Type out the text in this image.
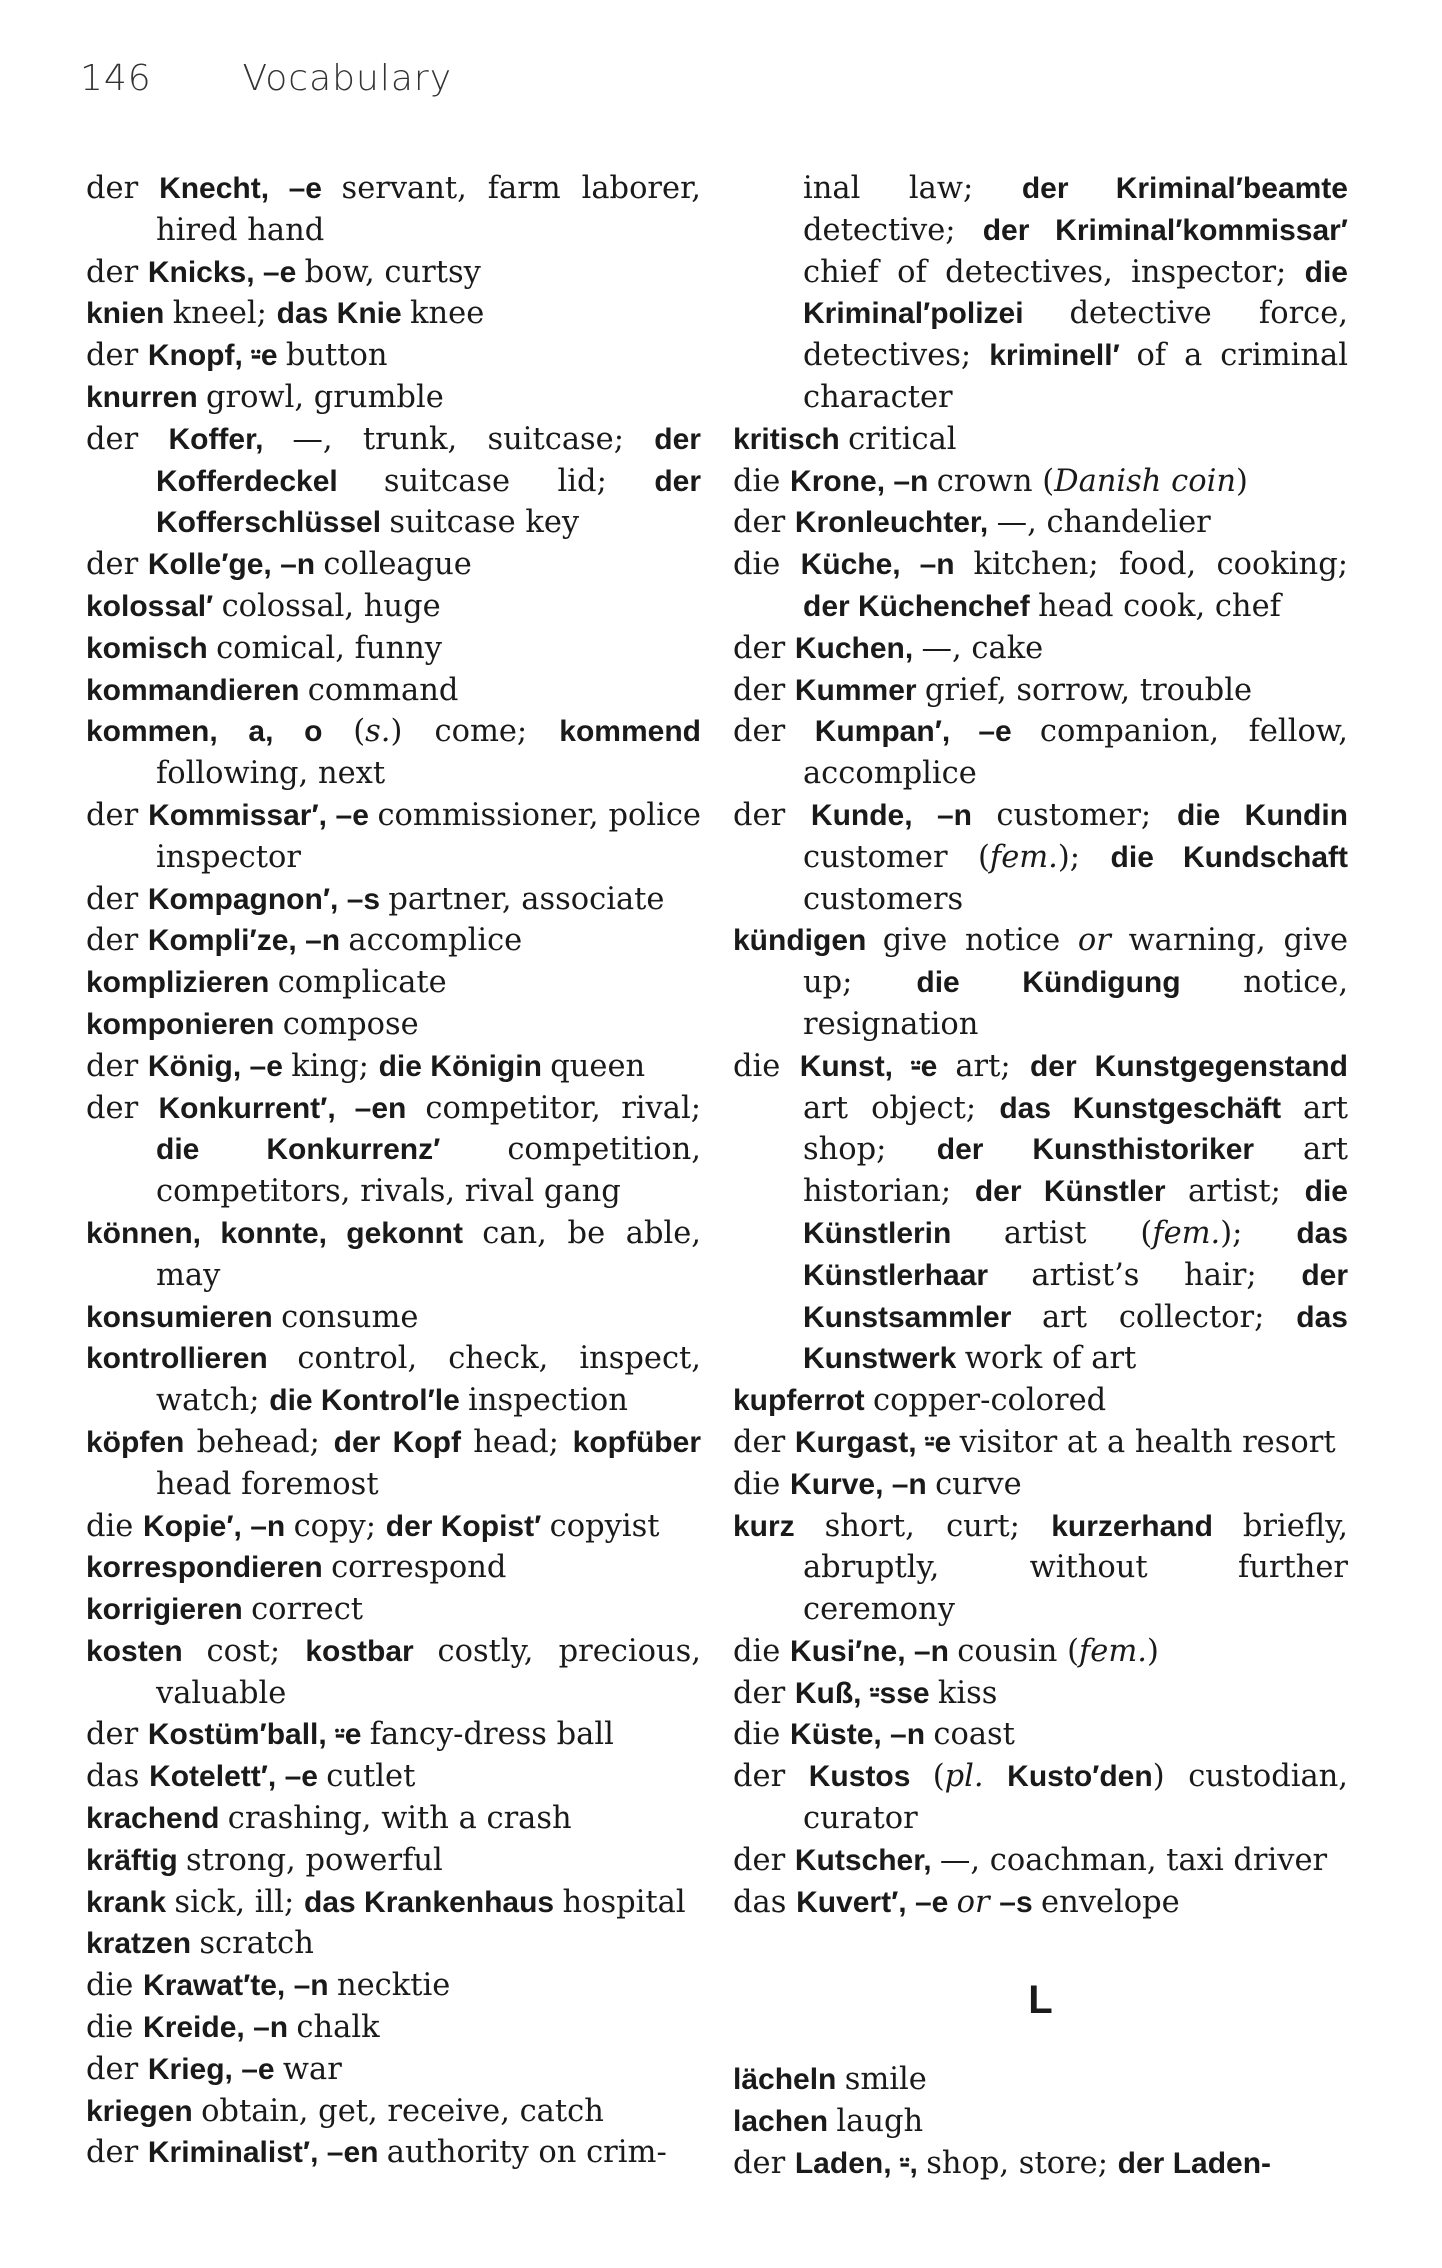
146	Vocabulary
der Knecht, –e servant, farm laborer, hired hand
der Knicks, –e bow, curtsy
knien kneel; das Knie knee
der Knopf, ⸚e button
knurren growl, grumble
der Koffer, —, trunk, suitcase; der Kofferdeckel suitcase lid; der Kofferschlüssel suitcase key
der Kolle′ge, –n colleague
kolossal′ colossal, huge
komisch comical, funny
kommandieren command
kommen, a, o (s.) come; kommend following, next
der Kommissar′, –e commissioner, police inspector
der Kompagnon′, –s partner, associate
der Kompli′ze, –n accomplice
komplizieren complicate
komponieren compose
der König, –e king; die Königin queen
der Konkurrent′, –en competitor, rival; die Konkurrenz′ competition, competitors, rivals, rival gang
können, konnte, gekonnt can, be able, may
konsumieren consume
kontrollieren control, check, inspect, watch; die Kontrol′le inspection
köpfen behead; der Kopf head; kopfüber head foremost
die Kopie′, –n copy; der Kopist′ copyist
korrespondieren correspond
korrigieren correct
kosten cost; kostbar costly, precious, valuable
der Kostüm′ball, ⸚e fancy-dress ball
das Kotelett′, –e cutlet
krachend crashing, with a crash
kräftig strong, powerful
krank sick, ill; das Krankenhaus hospital
kratzen scratch
die Krawat′te, –n necktie
die Kreide, –n chalk
der Krieg, –e war
kriegen obtain, get, receive, catch
der Kriminalist′, –en authority on crim-
inal law; der Kriminal′beamte detective; der Kriminal′kommissar′ chief of detectives, inspector; die Kriminal′polizei detective force, detectives; kriminell′ of a criminal character
kritisch critical
die Krone, –n crown (Danish coin)
der Kronleuchter, —, chandelier
die Küche, –n kitchen; food, cooking; der Küchenchef head cook, chef
der Kuchen, —, cake
der Kummer grief, sorrow, trouble
der Kumpan′, –e companion, fellow, accomplice
der Kunde, –n customer; die Kundin customer (fem.); die Kundschaft customers
kündigen give notice or warning, give up; die Kündigung notice, resignation
die Kunst, ⸚e art; der Kunstgegenstand art object; das Kunstgeschäft art shop; der Kunsthistoriker art historian; der Künstler artist; die Künstlerin artist (fem.); das Künstlerhaar artist’s hair; der Kunstsammler art collector; das Kunstwerk work of art
kupferrot copper-colored
der Kurgast, ⸚e visitor at a health resort
die Kurve, –n curve
kurz short, curt; kurzerhand briefly, abruptly, without further ceremony
die Kusi′ne, –n cousin (fem.)
der Kuß, ⸚sse kiss
die Küste, –n coast
der Kustos (pl. Kusto′den) custodian, curator
der Kutscher, —, coachman, taxi driver
das Kuvert′, –e or –s envelope
L
lächeln smile
lachen laugh
der Laden, ⸚, shop, store; der Laden-
